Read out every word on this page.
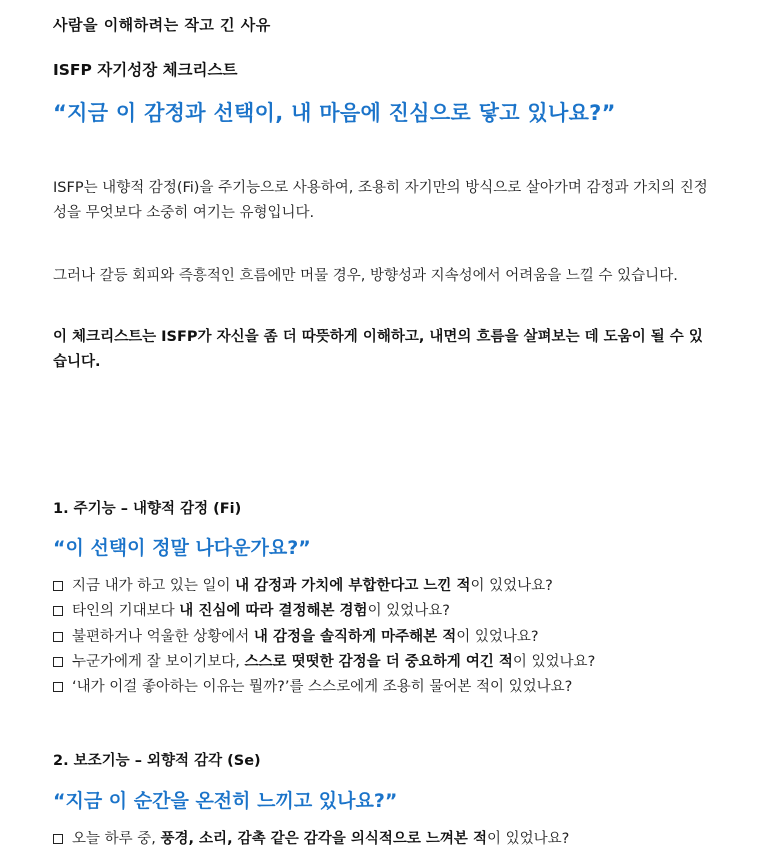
사람을 이해하려는 작고 긴 사유
ISFP 자기성장 체크리스트
“지금 이 감정과 선택이, 내 마음에 진심으로 닿고 있나요?”
ISFP는 내향적 감정(Fi)을 주기능으로 사용하여, 조용히 자기만의 방식으로 살아가며 감정과 가치의 진정성을 무엇보다 소중히 여기는 유형입니다.
그러나 갈등 회피와 즉흥적인 흐름에만 머물 경우, 방향성과 지속성에서 어려움을 느낄 수 있습니다.
이 체크리스트는 ISFP가 자신을 좀 더 따뜻하게 이해하고, 내면의 흐름을 살펴보는 데 도움이 될 수 있습니다.
1. 주기능 – 내향적 감정 (Fi)
“이 선택이 정말 나다운가요?”
지금 내가 하고 있는 일이 내 감정과 가치에 부합한다고 느낀 적이 있었나요?
타인의 기대보다 내 진심에 따라 결정해본 경험이 있었나요?
불편하거나 억울한 상황에서 내 감정을 솔직하게 마주해본 적이 있었나요?
누군가에게 잘 보이기보다, 스스로 떳떳한 감정을 더 중요하게 여긴 적이 있었나요?
‘내가 이걸 좋아하는 이유는 뭘까?’를 스스로에게 조용히 물어본 적이 있었나요?
2. 보조기능 – 외향적 감각 (Se)
“지금 이 순간을 온전히 느끼고 있나요?”
오늘 하루 중, 풍경, 소리, 감촉 같은 감각을 의식적으로 느껴본 적이 있었나요?
